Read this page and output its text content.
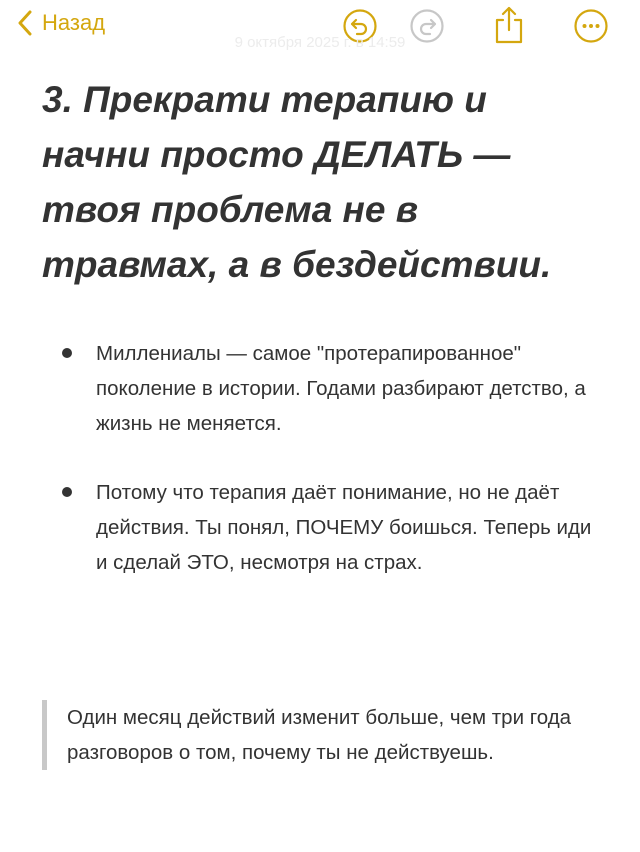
Назад
9 октября 2025 г. в 14:59
3. Прекрати терапию и начни просто ДЕЛАТЬ — твоя проблема не в травмах, а в бездействии.
Миллениалы — самое "протерапированное" поколение в истории. Годами разбирают детство, а жизнь не меняется.
Потому что терапия даёт понимание, но не даёт действия. Ты понял, ПОЧЕМУ боишься. Теперь иди и сделай ЭТО, несмотря на страх.
Один месяц действий изменит больше, чем три года разговоров о том, почему ты не действуешь.
